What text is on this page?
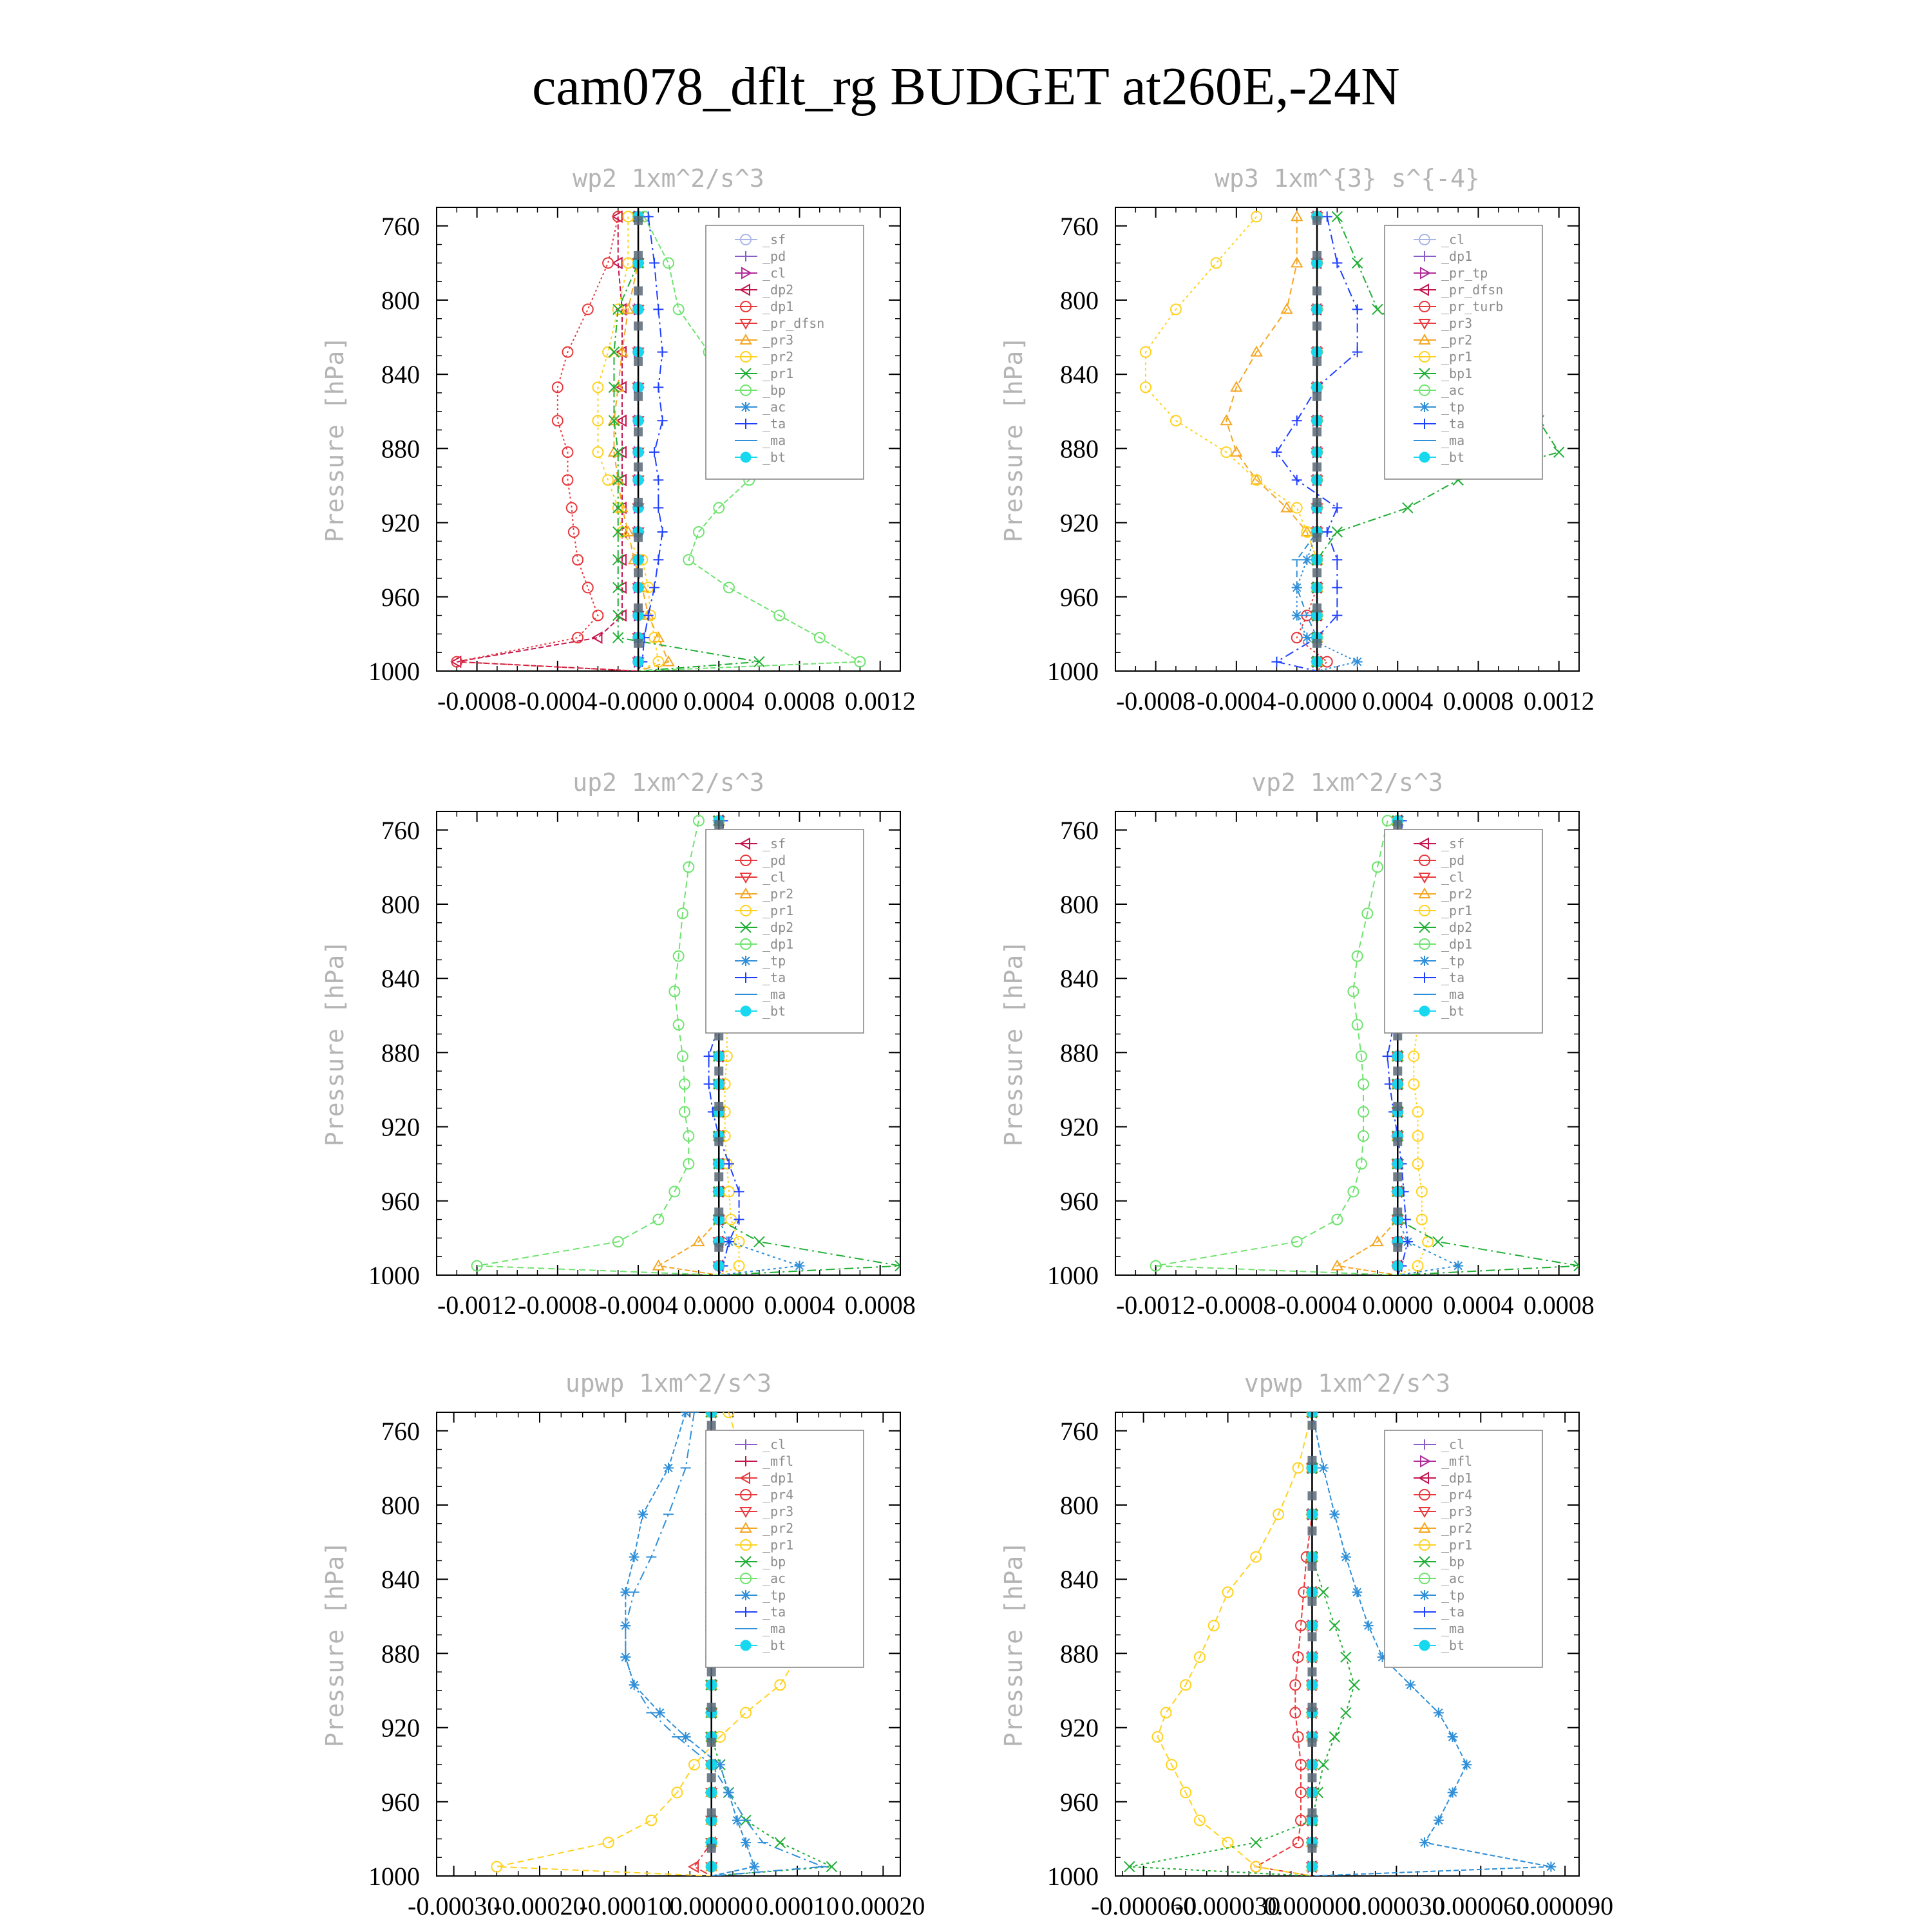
cam078_dflt_rg BUDGET at260E,-24N
wp2 1xm^2/s^3
Pressure [hPa]
-0.0008 -0.0004 -0.0000 0.0004 0.0008 0.0012
760
800
840
880
920
960
1000
_sf
_pd
_cl
_dp2
_dp1
_pr_dfsn
_pr3
_pr2
_pr1
_bp
_ac
_ta
_ma
_bt
wp3 1xm^{3} s^{-4}
Pressure [hPa]
-0.0008 -0.0004 -0.0000 0.0004 0.0008 0.0012
760
800
840
880
920
960
1000
_cl
_dp1
_pr_tp
_pr_dfsn
_pr_turb
_pr3
_pr2
_pr1
_bp1
_ac
_tp
_ta
_ma
_bt
up2 1xm^2/s^3
Pressure [hPa]
-0.0012 -0.0008 -0.0004 0.0000 0.0004 0.0008
760
800
840
880
920
960
1000
_sf
_pd
_cl
_pr2
_pr1
_dp2
_dp1
_tp
_ta
_ma
_bt
vp2 1xm^2/s^3
Pressure [hPa]
-0.0012 -0.0008 -0.0004 0.0000 0.0004 0.0008
760
800
840
880
920
960
1000
_sf
_pd
_cl
_pr2
_pr1
_dp2
_dp1
_tp
_ta
_ma
_bt
upwp 1xm^2/s^3
Pressure [hPa]
-0.00030
-0.00020
-0.00010
0.00000 0.00010 0.00020
760
800
840
880
920
960
1000
_cl
_mfl
_dp1
_pr4
_pr3
_pr2
_pr1
_bp
_ac
_tp
_ta
_ma
_bt
vpwp 1xm^2/s^3
Pressure [hPa]
-0.000060
-0.000030
0.000000
0.000030
0.000060
0.000090
760
800
840
880
920
960
1000
_cl
_mfl
_dp1
_pr4
_pr3
_pr2
_pr1
_bp
_ac
_tp
_ta
_ma
_bt
